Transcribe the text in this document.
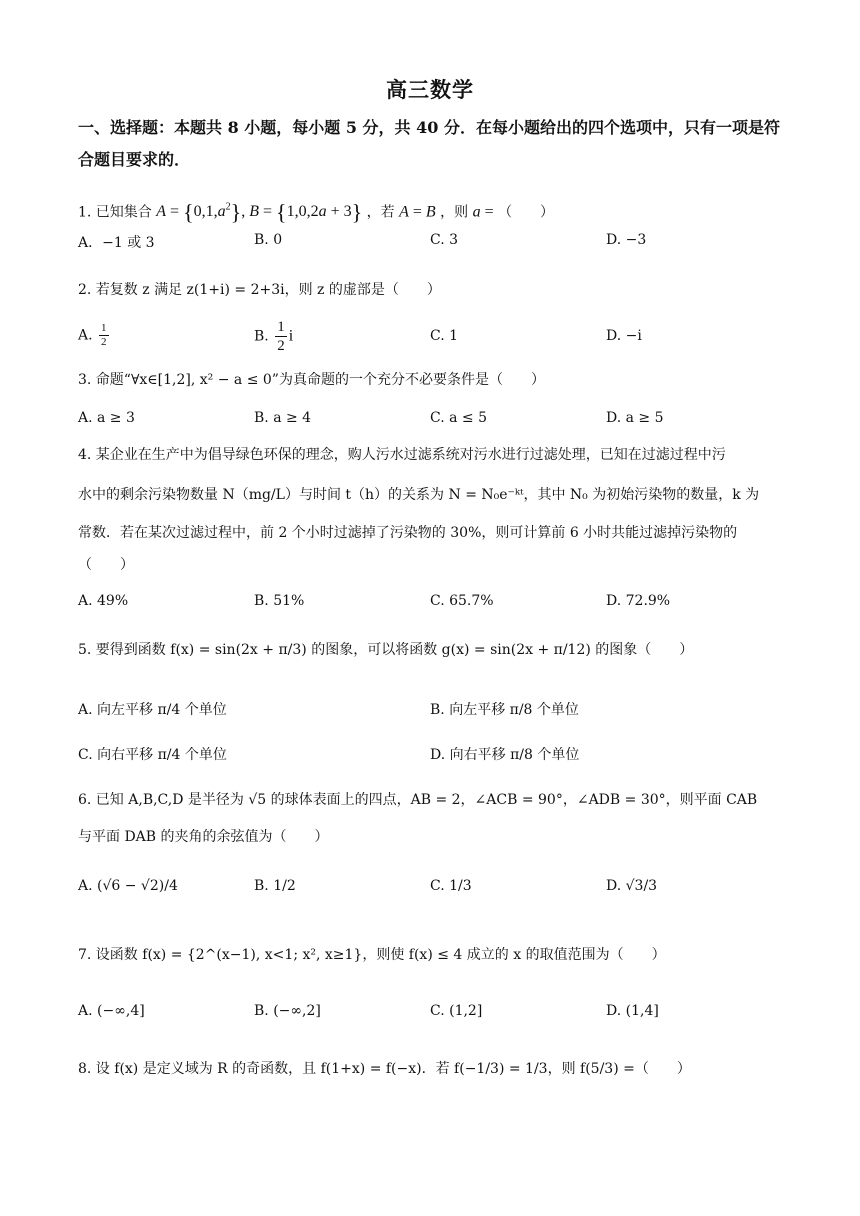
高三数学
一、选择题：本题共 8 小题，每小题 5 分，共 40 分．在每小题给出的四个选项中，只有一项是符合题目要求的．
1. 已知集合 $A = \{0,1,a^2\}$, B = {1,0,2a + 3} ，若 A = B ，则 a = （　　）
A．−1 或 3	B. 0	C. 3	D. −3
2. 若复数 z 满足 z(1+i) = 2+3i，则 z 的虚部是（　　）
A. $\frac{1}{2}$	B. $\frac{1}{2}$ i	C. 1	D. −i
3. 命题“∀x∈[1,2], x² − a ≤ 0”为真命题的一个充分不必要条件是（　　）
A. a ≥ 3	B. a ≥ 4	C. a ≤ 5	D. a ≥ 5
4. 某企业在生产中为倡导绿色环保的理念，购人污水过滤系统对污水进行过滤处理，已知在过滤过程中污
水中的剩余污染物数量 N（mg/L）与时间 t（h）的关系为 N = N₀e⁻ᵏᵗ，其中 N₀ 为初始污染物的数量，k 为
常数．若在某次过滤过程中，前 2 个小时过滤掉了污染物的 30%，则可计算前 6 小时共能过滤掉污染物的
（　　）
A. 49%	B. 51%	C. 65.7%	D. 72.9%
5. 要得到函数 f(x) = sin(2x + π/3) 的图象，可以将函数 g(x) = sin(2x + π/12) 的图象（　　）
A. 向左平移 π/4 个单位	B. 向左平移 π/8 个单位
C. 向右平移 π/4 个单位	D. 向右平移 π/8 个单位
6. 已知 A,B,C,D 是半径为 √5 的球体表面上的四点，AB = 2，∠ACB = 90°，∠ADB = 30°，则平面 CAB
与平面 DAB 的夹角的余弦值为（　　）
A. (√6 − √2)/4	B. 1/2	C. 1/3	D. √3/3
7. 设函数 f(x) = {2^(x−1), x<1; x², x≥1}，则使 f(x) ≤ 4 成立的 x 的取值范围为（　　）
A. (−∞,4]	B. (−∞,2]	C. (1,2]	D. (1,4]
8. 设 f(x) 是定义域为 R 的奇函数，且 f(1+x) = f(−x)．若 f(−1/3) = 1/3，则 f(5/3) =（　　）
